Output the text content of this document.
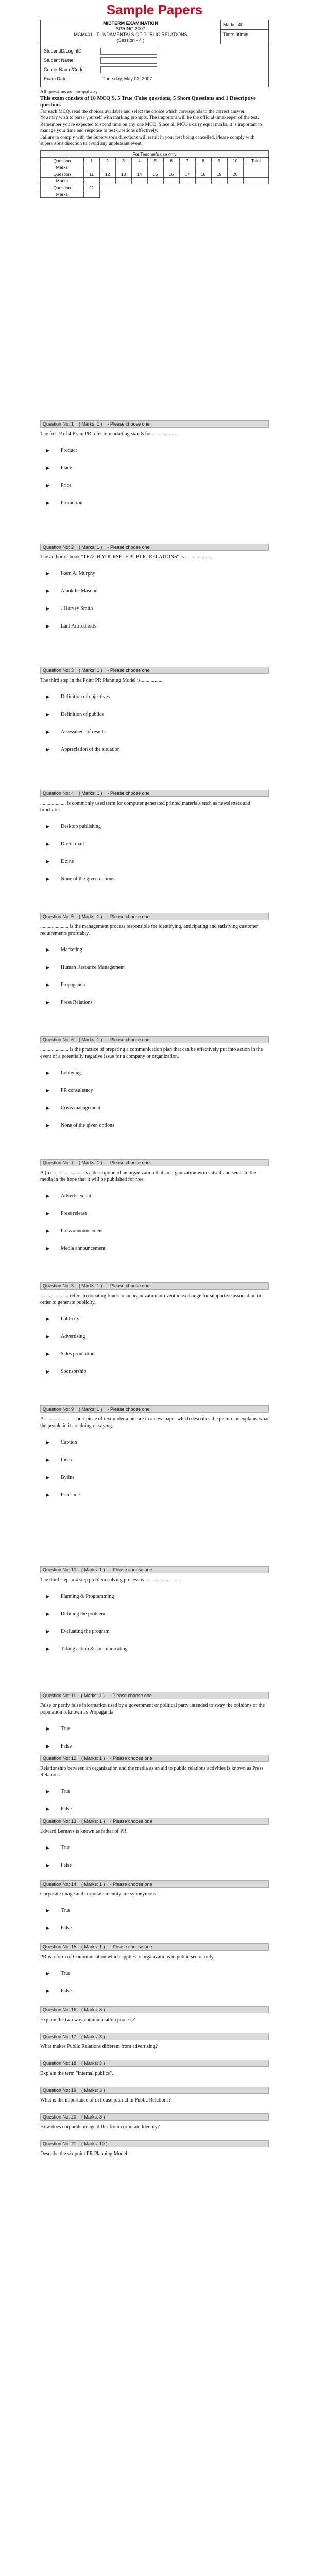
Sample Papers
MIDTERM EXAMINATION
SPRING 2007
MCM401 - FUNDAMENTALS OF PUBLIC RELATIONS
(Session - 4 )
Marks: 40
Time: 90min
StudentID/LoginID:
Student Name:
Center Name/Code:
Exam Date:	Thursday, May 03, 2007

All questions are compulsory.

This exam consists of 10 MCQ'S, 5 True /False questions, 5 Short Questions and 1 Descriptive question.

For each MCQ, read the choices available and select the choice which corresponds to the correct answer.

You may wish to parse yourself with marking prompts. The important will be the official timekeeper of the test.

Remember you're expected to spend time on any one MCQ. Since all MCQ's carry equal marks, it is important to manage your time and response to test questions effectively.

Failure to comply with the Supervisor's directions will result in your test being cancelled. Please comply with supervisor's direction to avoid any unpleasant event.

For Teacher's use only											
Question	1	2	3	4	5	6	7	8	9	10	Total
Marks											
Question	11	12	13	14	15	16	17	18	19	20	
Marks											
Question	21										
Marks											
Question No: 1    ( Marks: 1 )    - Please choose one
The first P of 4 P's in PR refer to marketing stands for ..................
▶	Product
▶	Place
▶	Price
▶	Promotion
Question No: 2    ( Marks: 1 )    - Please choose one
The author of book "TEACH YOURSELF PUBLIC RELATIONS" is .......................
▶	Ikem A. Murphy
▶	Alaukthe Masood
▶	J Harvey Smith
▶	Lanl Aitrrednods
Question No: 3    ( Marks: 1 )    - Please choose one
The third step in the Point PR Planning Model is ................
▶	Definition of objectives
▶	Definition of publics
▶	Assessment of results
▶	Appreciation of the situation
Question No: 4    ( Marks: 1 )    - Please choose one
.................... is commonly used term for computer generated printed materials such as newsletters and brochures.
▶	Desktop publishing
▶	Direct mail
▶	E zine
▶	None of the given options
Question No: 5    ( Marks: 1 )    - Please choose one
...................... is the management process responsible for identifying, anticipating and satisfying customer requirements profitably.
▶	Marketing
▶	Human Resource Management
▶	Propaganda
▶	Press Relations
Question No: 6    ( Marks: 1 )    - Please choose one
...................... is the practice of preparing a communication plan that can be effectively put into action in the event of a potentially negative issue for a company or organization.
▶	Lobbying
▶	PR consultancy
▶	Crisis management
▶	None of the given options
Question No: 7    ( Marks: 1 )    - Please choose one
A (n) ........................ is a description of an organization that an organization writes itself and sends to the media in the hope that it will be published for free.
▶	Advertisement
▶	Press release
▶	Press announcement
▶	Media announcement
Question No: 8    ( Marks: 1 )    - Please choose one
...................... refers to donating funds to an organization or event in exchange for supportive association in order to generate publicity.
▶	Publicity
▶	Advertising
▶	Sales promotion
▶	Sponsorship
Question No: 9    ( Marks: 1 )    - Please choose one
A ...................... short piece of text under a picture in a newspaper which describes the picture or explains what the people in it are doing or saying.
▶	Caption
▶	Index
▶	Byline
▶	Print line
Question No: 10    ( Marks: 1 )    - Please choose one
The third step in 4 step problem solving process is ..........................
▶	Planning & Programming
▶	Defining the problem
▶	Evaluating the program
▶	Taking action & communicating
Question No: 11    ( Marks: 1 )    - Please choose one
False or partly false information used by a government or political party intended to sway the opinions of the population is known as Propaganda.
▶	True
▶	False
Question No: 12    ( Marks: 1 )    - Please choose one
Relationship between an organization and the media as an aid to public relations activities is known as Press Relations.
▶	True
▶	False
Question No: 13    ( Marks: 1 )    - Please choose one
Edward Bernays is known as father of PR.
▶	True
▶	False
Question No: 14    ( Marks: 1 )    - Please choose one
Corporate image and corporate identity are synonymous.
▶	True
▶	False
Question No: 15    ( Marks: 1 )    - Please choose one
PR is a form of Communication which applies to organizations in public sector only.
▶	True
▶	False
Question No: 16    ( Marks: 3 )
Explain the two way communication process?
Question No: 17    ( Marks: 3 )
What makes Public Relations different from advertising?
Question No: 18    ( Marks: 3 )
Explain the term "internal publics".
Question No: 19    ( Marks: 3 )
What is the importance of in house journal in Public Relations?
Question No: 20    ( Marks: 3 )
How does corporate image differ from corporate Identity?
Question No: 21    ( Marks: 10 )
Describe the six point PR Planning Model.
